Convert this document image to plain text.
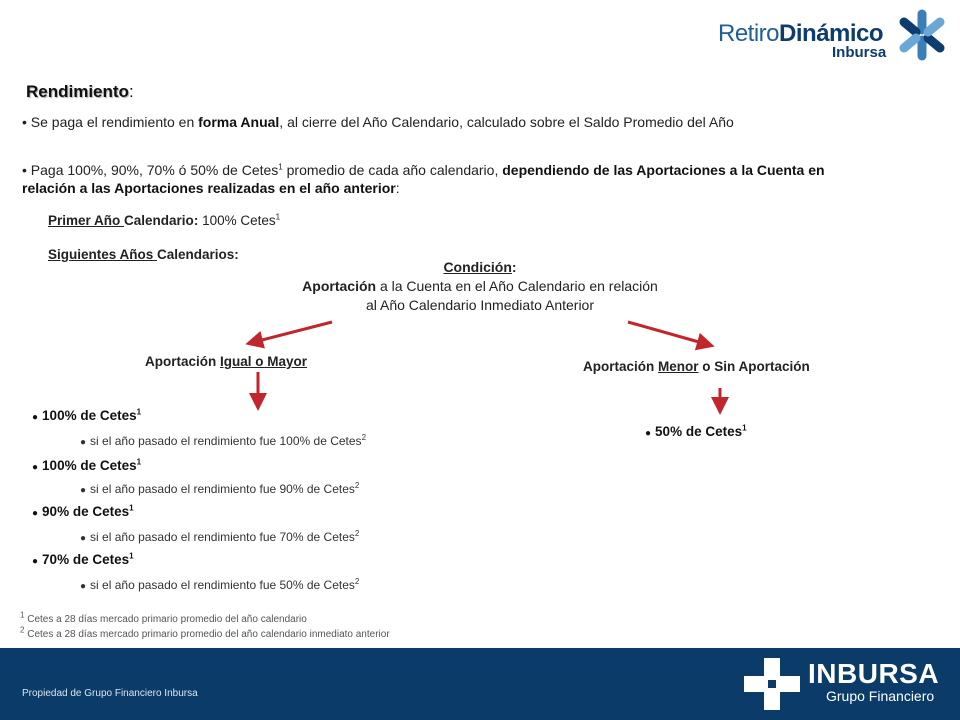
RetiroDinámico
Inbursa
Rendimiento:
• Se paga el rendimiento en forma Anual, al cierre del Año Calendario, calculado sobre el Saldo Promedio del Año
• Paga 100%, 90%, 70% ó 50% de Cetes$^1$ promedio de cada año calendario, dependiendo de las Aportaciones a la Cuenta en relación a las Aportaciones realizadas en el año anterior:
Primer Año Calendario: 100% Cetes$^1$
Siguientes Años Calendarios:
Condición:
Aportación a la Cuenta en el Año Calendario en relación
al Año Calendario Inmediato Anterior
Aportación Igual o Mayor	Aportación Menor o Sin Aportación
● 100% de Cetes$^1$
● si el año pasado el rendimiento fue 100% de Cetes$^2$
● 100% de Cetes$^1$
● si el año pasado el rendimiento fue 90% de Cetes$^2$
● 90% de Cetes$^1$
● si el año pasado el rendimiento fue 70% de Cetes$^2$
● 70% de Cetes$^1$
● si el año pasado el rendimiento fue 50% de Cetes$^2$
● 50% de Cetes$^1$
$^1$ Cetes a 28 días mercado primario promedio del año calendario
$^2$ Cetes a 28 días mercado primario promedio del año calendario inmediato anterior
Propiedad de Grupo Financiero Inbursa
INBURSA
Grupo Financiero
